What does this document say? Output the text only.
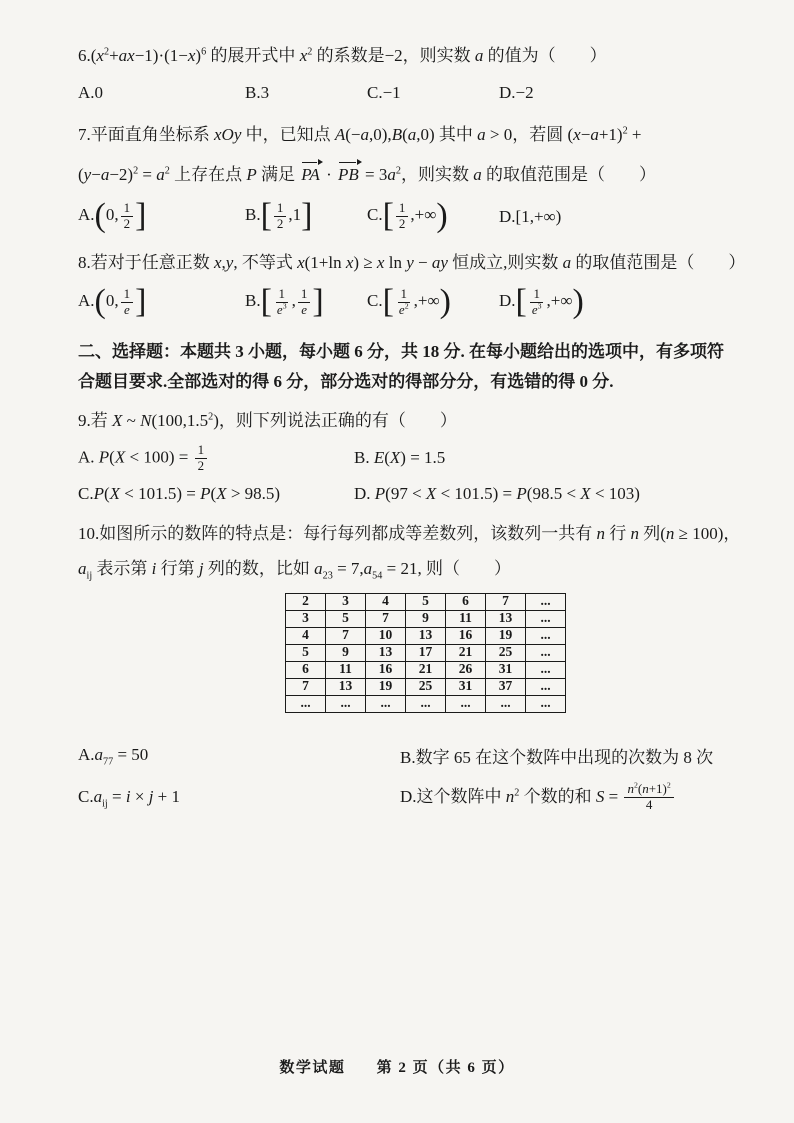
$6.(x^2+ax-1)\cdot(1-x)^6$ 的展开式中 $x^2$ 的系数是−2，则实数 a 的值为（　　）
A.0	B.3	C.−1	D.−2
7.平面直角坐标系 xOy 中，已知点 A(−a,0),B(a,0) 其中 a > 0，若圆 $(x-a+1)^2$ +
$(y-a-2)^2 = a^2$ 上存在点 P 满足 PA · PB = $3a^2$，则实数 a 的取值范围是（　　）
A.(0, $\frac{1}{2}$ ]	$B.[ \frac{1}{2} ,1]$	$C.[ \frac{1}{2}$ ,+∞)	D.[1,+∞)
8.若对于任意正数 x,y, 不等式 x(1+ln x) ≥ x ln y − ay 恒成立,则实数 a 的取值范围是（　　）
A.(0, $\frac{1}{e}$ ]	$B.[ \frac{1}{e^3}$ , $\frac{1}{e}$ ]	$C.[ \frac{1}{e^2}$ ,+∞)	$D.[ \frac{1}{e^3}$ ,+∞)
二、选择题：本题共 3 小题，每小题 6 分，共 18 分. 在每小题给出的选项中，有多项符
合题目要求.全部选对的得 6 分，部分选对的得部分分，有选错的得 0 分.
9.若 X ~ N(100,1.5$^2$)，则下列说法正确的有（　　）
A. $P(X < 100) = \frac{1}{2}$	B. E(X) = 1.5
C.P(X < 101.5) = P(X > 98.5)	D. P(97 < X < 101.5) = P(98.5 < X < 103)
10.如图所示的数阵的特点是：每行每列都成等差数列，该数列一共有 n 行 n 列(n ≥ 100)，
$a_{ij}$ 表示第 i 行第 j 列的数，比如 $a_{23} = 7,a_{54} = 21$, 则（　　）
2	3	4	5	6	7	...
3	5	7	9	11	13	...
4	7	10	13	16	19	...
5	9	13	17	21	25	...
6	11	16	21	26	31	...
7	13	19	25	31	37	...
...	...	...	...	...	...	...
$A.a_{77} = 50$	B.数字 65 在这个数阵中出现的次数为 8 次
$C.a_{ij} = i \times j + 1$	D.这个数阵中 $n^2$ 个数的和 $S = \frac{n^2(n+1)^2}{4}$
数学试题 第 2 页（共 6 页）
